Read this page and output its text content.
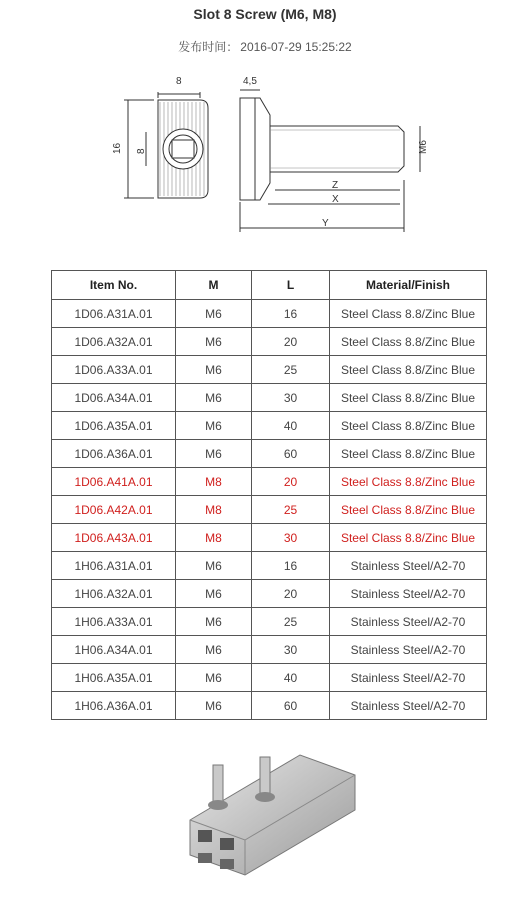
Slot 8 Screw (M6, M8)
发布时间： 2016-07-29 15:25:22
8	4,5
16 8	M6
Z
X
Y
Item No.	M	L	Material/Finish
1D06.A31A.01	M6	16	Steel Class 8.8/Zinc Blue
1D06.A32A.01	M6	20	Steel Class 8.8/Zinc Blue
1D06.A33A.01	M6	25	Steel Class 8.8/Zinc Blue
1D06.A34A.01	M6	30	Steel Class 8.8/Zinc Blue
1D06.A35A.01	M6	40	Steel Class 8.8/Zinc Blue
1D06.A36A.01	M6	60	Steel Class 8.8/Zinc Blue
1D06.A41A.01	M8	20	Steel Class 8.8/Zinc Blue
1D06.A42A.01	M8	25	Steel Class 8.8/Zinc Blue
1D06.A43A.01	M8	30	Steel Class 8.8/Zinc Blue
1H06.A31A.01	M6	16	Stainless Steel/A2-70
1H06.A32A.01	M6	20	Stainless Steel/A2-70
1H06.A33A.01	M6	25	Stainless Steel/A2-70
1H06.A34A.01	M6	30	Stainless Steel/A2-70
1H06.A35A.01	M6	40	Stainless Steel/A2-70
1H06.A36A.01	M6	60	Stainless Steel/A2-70
